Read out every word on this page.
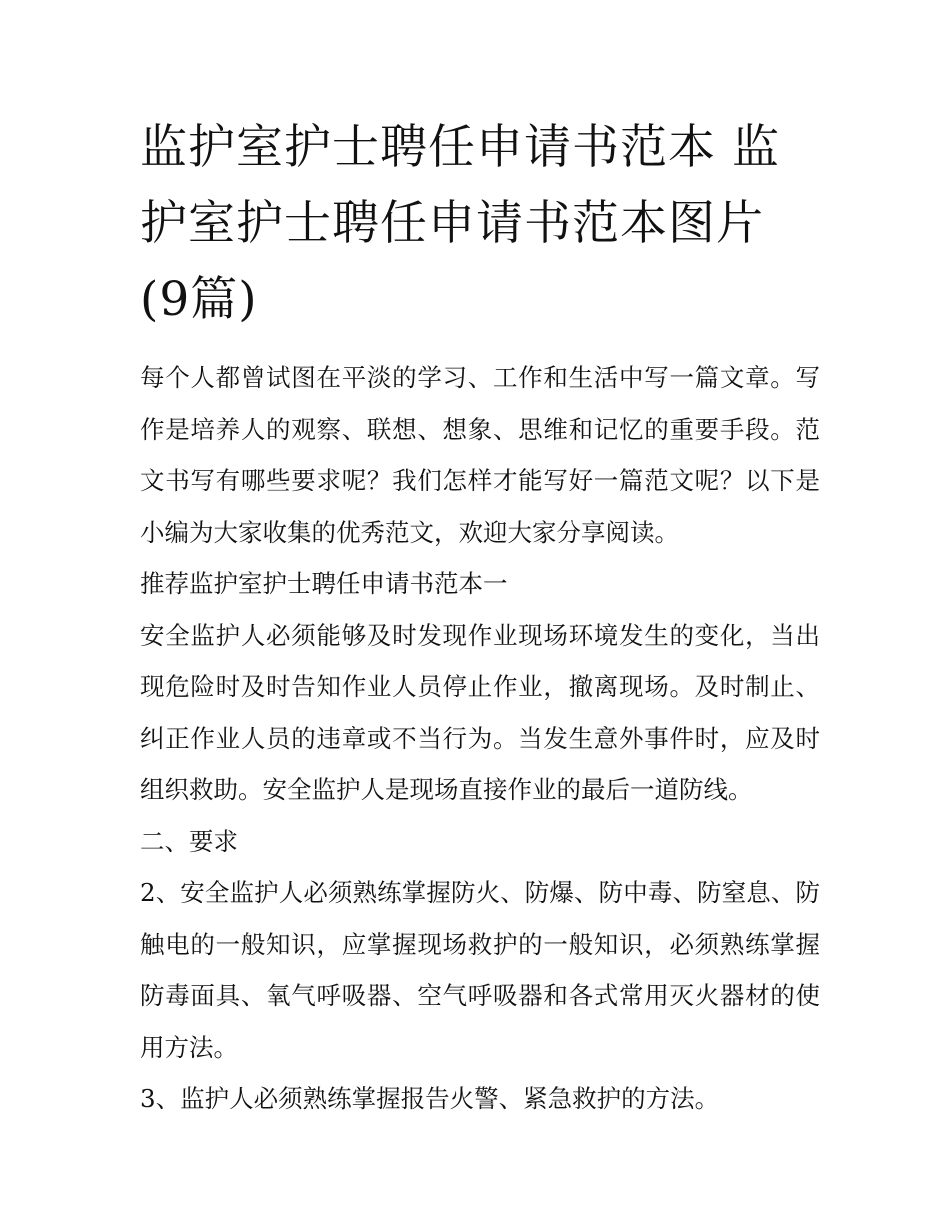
监护室护士聘任申请书范本 监护室护士聘任申请书范本图片(9篇)

每个人都曾试图在平淡的学习、工作和生活中写一篇文章。写作是培养人的观察、联想、想象、思维和记忆的重要手段。范文书写有哪些要求呢？我们怎样才能写好一篇范文呢？以下是小编为大家收集的优秀范文，欢迎大家分享阅读。

推荐监护室护士聘任申请书范本一

安全监护人必须能够及时发现作业现场环境发生的变化，当出现危险时及时告知作业人员停止作业，撤离现场。及时制止、纠正作业人员的违章或不当行为。当发生意外事件时，应及时组织救助。安全监护人是现场直接作业的最后一道防线。

二、要求

2、安全监护人必须熟练掌握防火、防爆、防中毒、防窒息、防触电的一般知识，应掌握现场救护的一般知识，必须熟练掌握防毒面具、氧气呼吸器、空气呼吸器和各式常用灭火器材的使用方法。

3、监护人必须熟练掌握报告火警、紧急救护的方法。
